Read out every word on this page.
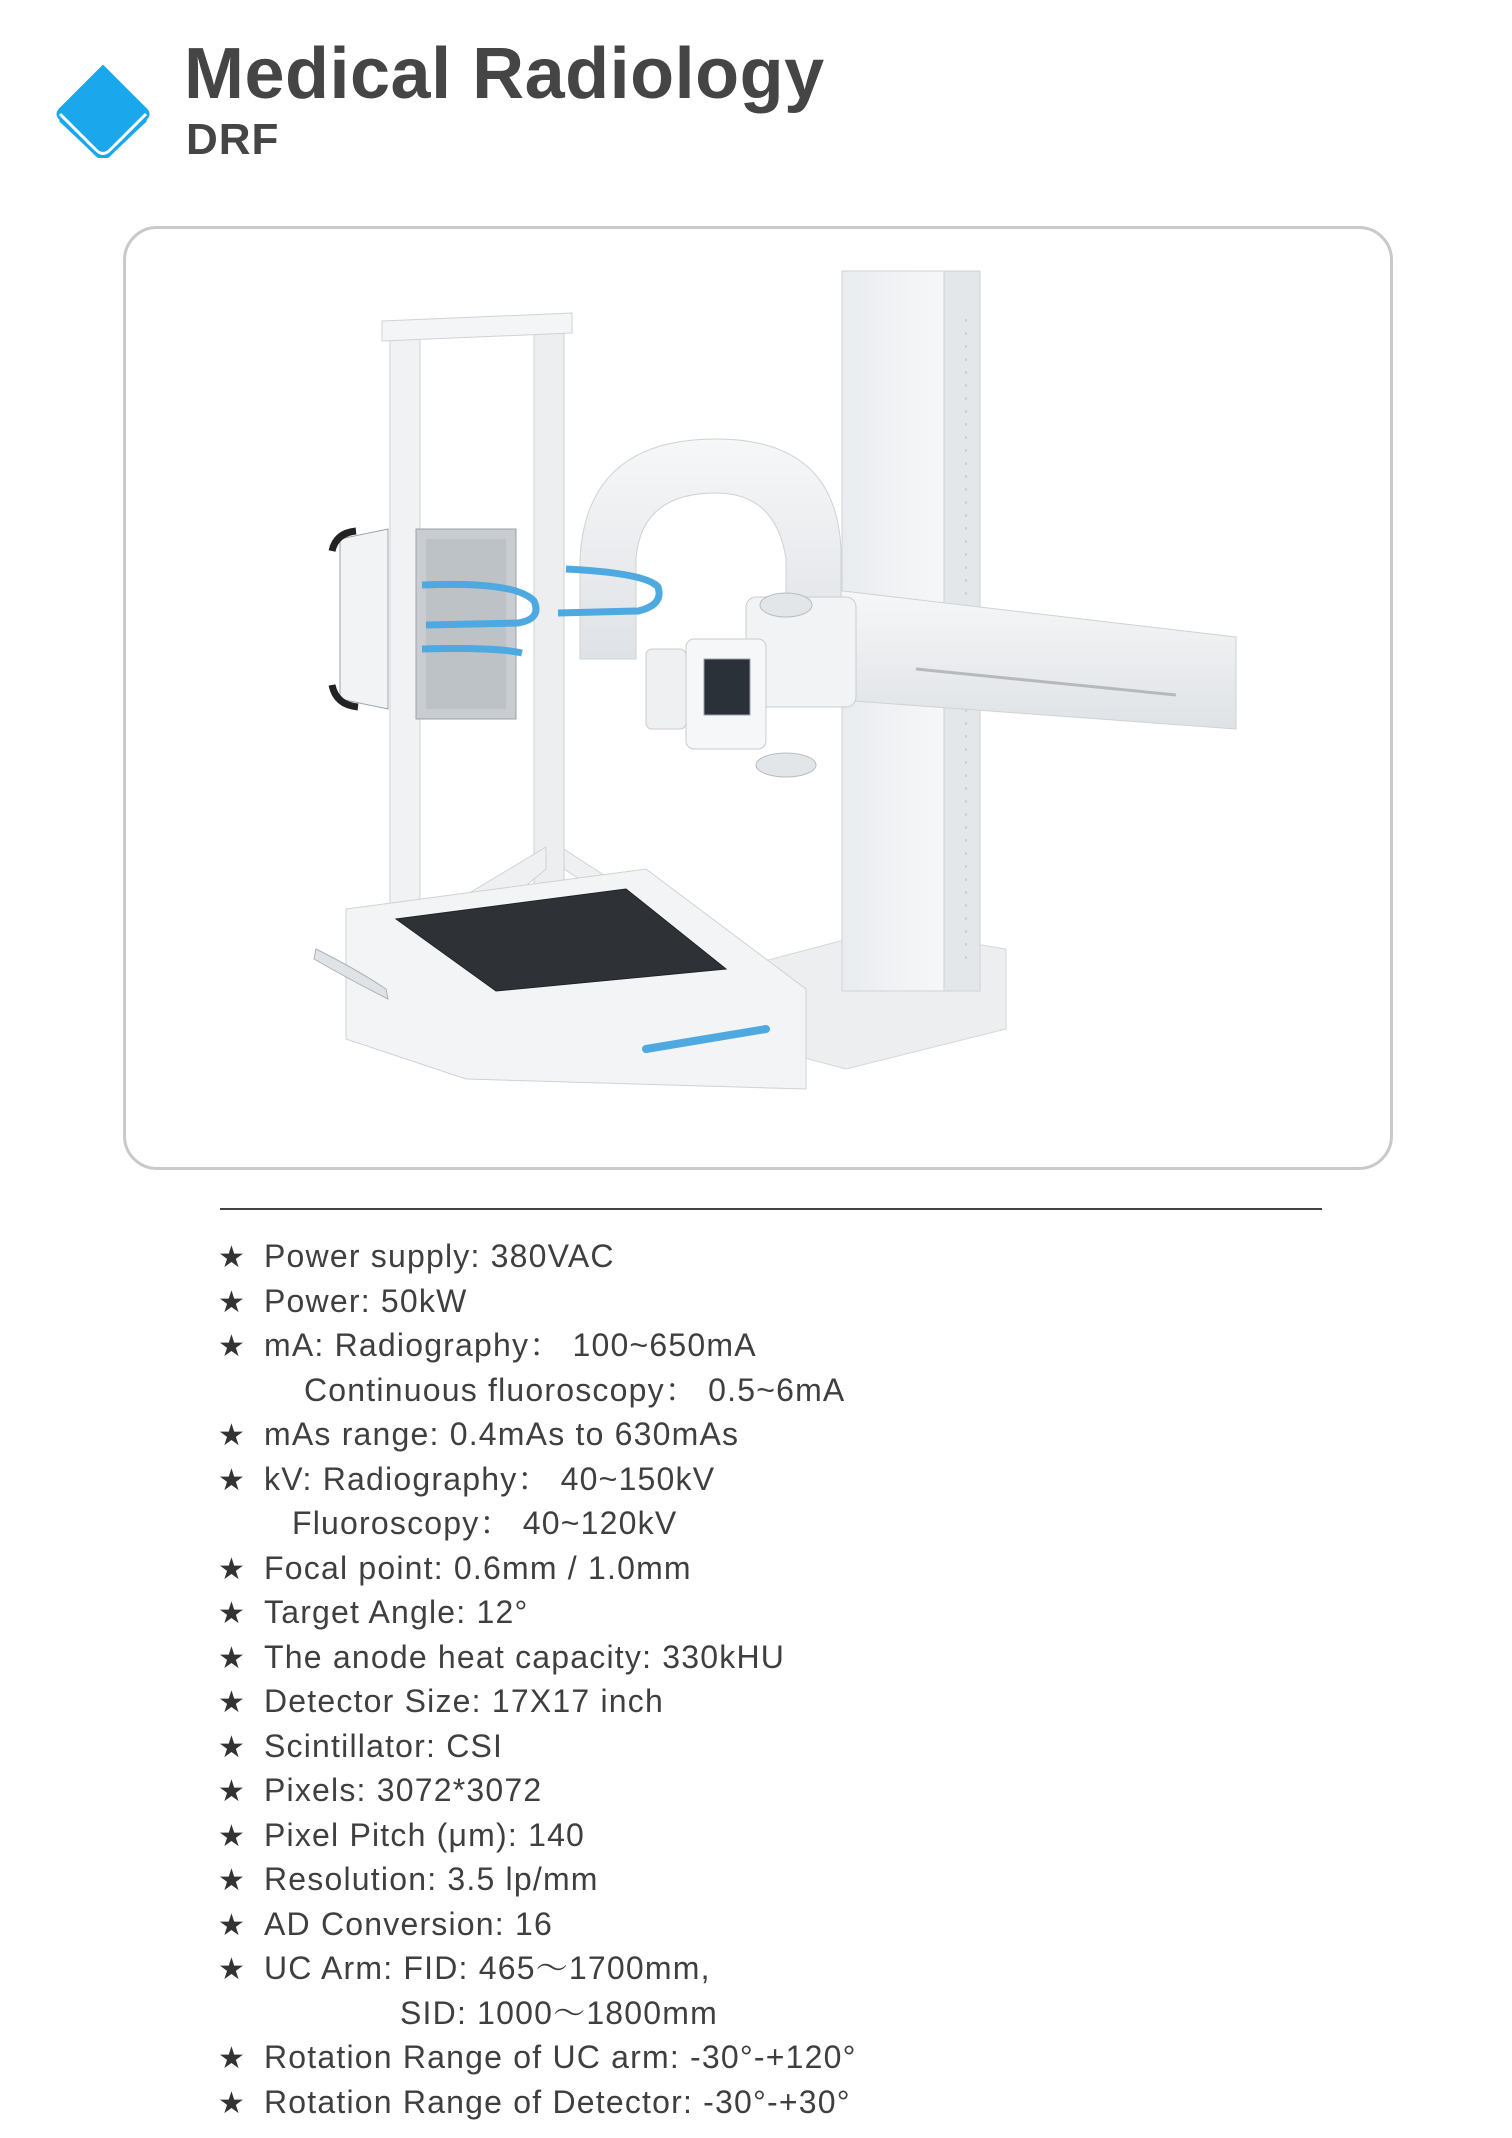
Medical Radiology
DRF
★ Power supply: 380VAC
★ Power: 50kW
★ mA: Radiography： 100~650mA
Continuous fluoroscopy： 0.5~6mA
★ mAs range: 0.4mAs to 630mAs
★ kV: Radiography： 40~150kV
Fluoroscopy： 40~120kV
★ Focal point: 0.6mm / 1.0mm
★ Target Angle: 12°
★ The anode heat capacity: 330kHU
★ Detector Size: 17X17 inch
★ Scintillator: CSI
★ Pixels: 3072*3072
★ Pixel Pitch (μm): 140
★ Resolution: 3.5 lp/mm
★ AD Conversion: 16
★ UC Arm: FID: 465～1700mm,
SID: 1000～1800mm
★ Rotation Range of UC arm: -30°-+120°
★ Rotation Range of Detector: -30°-+30°
